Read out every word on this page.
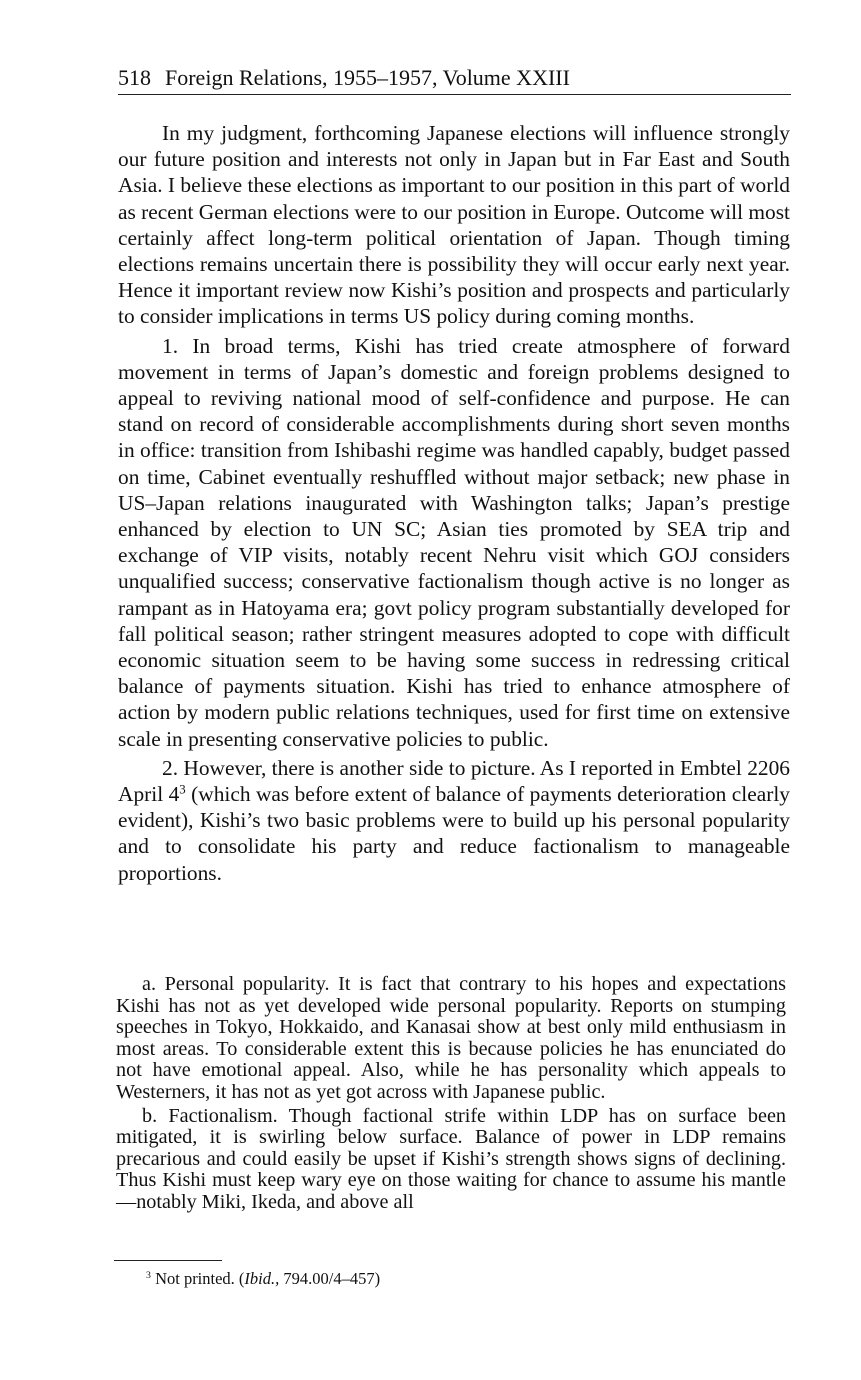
518 Foreign Relations, 1955–1957, Volume XXIII

In my judgment, forthcoming Japanese elections will influence strongly our future position and interests not only in Japan but in Far East and South Asia. I believe these elections as important to our position in this part of world as recent German elections were to our position in Europe. Outcome will most certainly affect long-term political orientation of Japan. Though timing elections remains uncertain there is possibility they will occur early next year. Hence it important review now Kishi’s position and prospects and particularly to consider implications in terms US policy during coming months.

1. In broad terms, Kishi has tried create atmosphere of forward movement in terms of Japan’s domestic and foreign problems designed to appeal to reviving national mood of self-confidence and purpose. He can stand on record of considerable accomplishments during short seven months in office: transition from Ishibashi regime was handled capably, budget passed on time, Cabinet eventually reshuffled without major setback; new phase in US–Japan relations inaugurated with Washington talks; Japan’s prestige enhanced by election to UN SC; Asian ties promoted by SEA trip and exchange of VIP visits, notably recent Nehru visit which GOJ considers unqualified success; conservative factionalism though active is no longer as rampant as in Hatoyama era; govt policy program substantially developed for fall political season; rather stringent measures adopted to cope with difficult economic situation seem to be having some success in redressing critical balance of payments situation. Kishi has tried to enhance atmosphere of action by modern public relations techniques, used for first time on extensive scale in presenting conservative policies to public.

2. However, there is another side to picture. As I reported in Embtel 2206 April $4^3$ (which was before extent of balance of payments deterioration clearly evident), Kishi’s two basic problems were to build up his personal popularity and to consolidate his party and reduce factionalism to manageable proportions.

a. Personal popularity. It is fact that contrary to his hopes and expectations Kishi has not as yet developed wide personal popularity. Reports on stumping speeches in Tokyo, Hokkaido, and Kanasai show at best only mild enthusiasm in most areas. To considerable extent this is because policies he has enunciated do not have emotional appeal. Also, while he has personality which appeals to Westerners, it has not as yet got across with Japanese public.

b. Factionalism. Though factional strife within LDP has on surface been mitigated, it is swirling below surface. Balance of power in LDP remains precarious and could easily be upset if Kishi’s strength shows signs of declining. Thus Kishi must keep wary eye on those waiting for chance to assume his mantle—notably Miki, Ikeda, and above all

$^3$ Not printed. (Ibid., 794.00/4–457)
